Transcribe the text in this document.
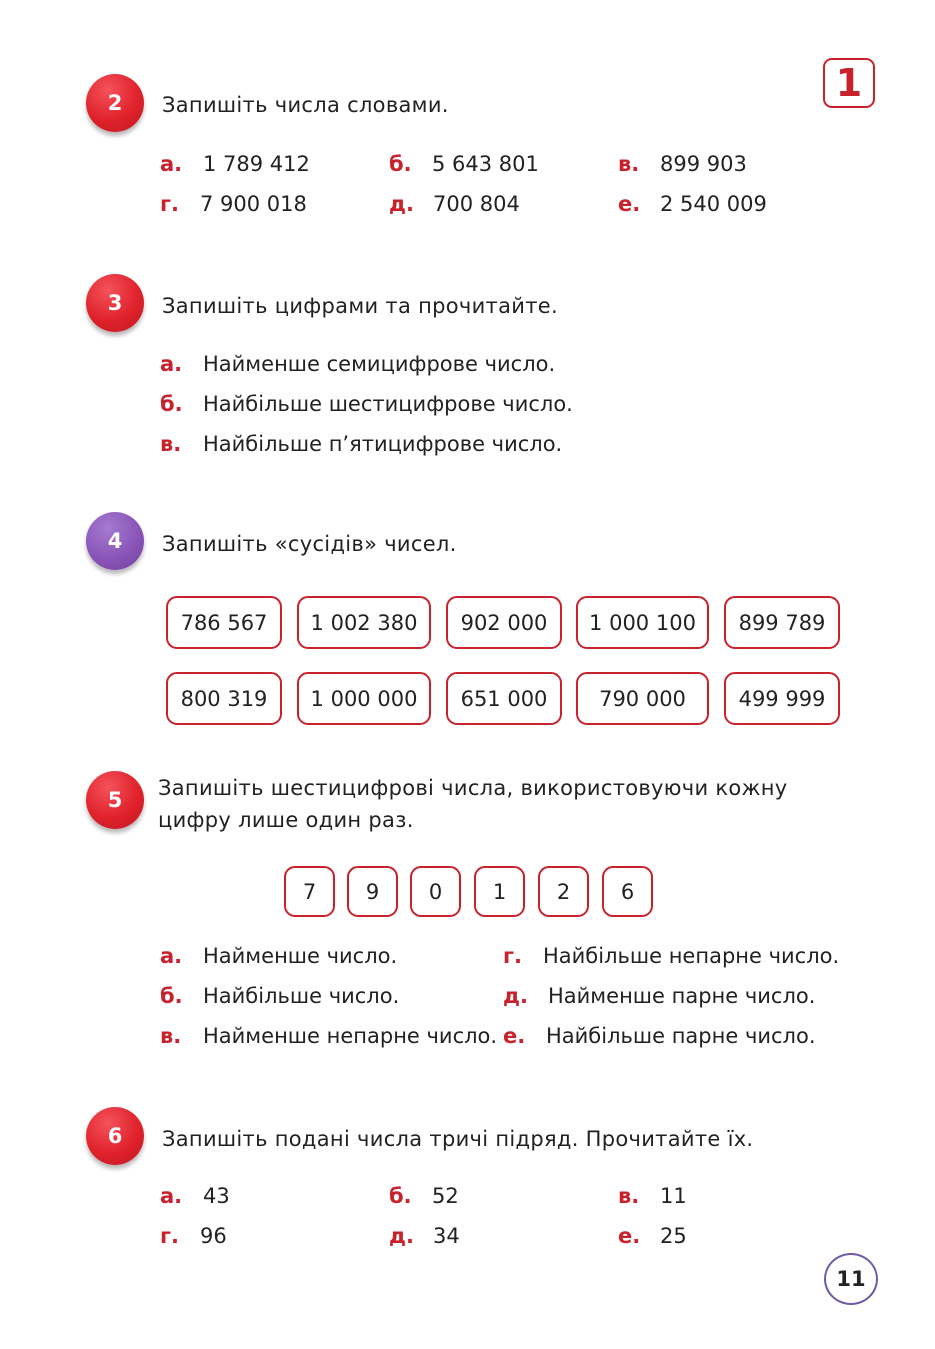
1
2	Запишіть числа словами.
а. 1 789 412	б. 5 643 801	в. 899 903
г. 7 900 018	д. 700 804	е. 2 540 009
3	Запишіть цифрами та прочитайте.
а. Найменше семицифрове число.
б. Найбільше шестицифрове число.
в. Найбільше п’ятицифрове число.
4	Запишіть «сусідів» чисел.
786 567	1 002 380	902 000	1 000 100	899 789
800 319	1 000 000	651 000	790 000	499 999
5	Запишіть шестицифрові числа, використовуючи кожну
цифру лише один раз.
7	9	0	1	2	6
а. Найменше число.	г. Найбільше непарне число.
б. Найбільше число.	д. Найменше парне число.
в. Найменше непарне число. е. Найбільше парне число.
6	Запишіть подані числа тричі підряд. Прочитайте їх.
а. 43	б. 52	в. 11
г. 96	д. 34	е. 25
11
